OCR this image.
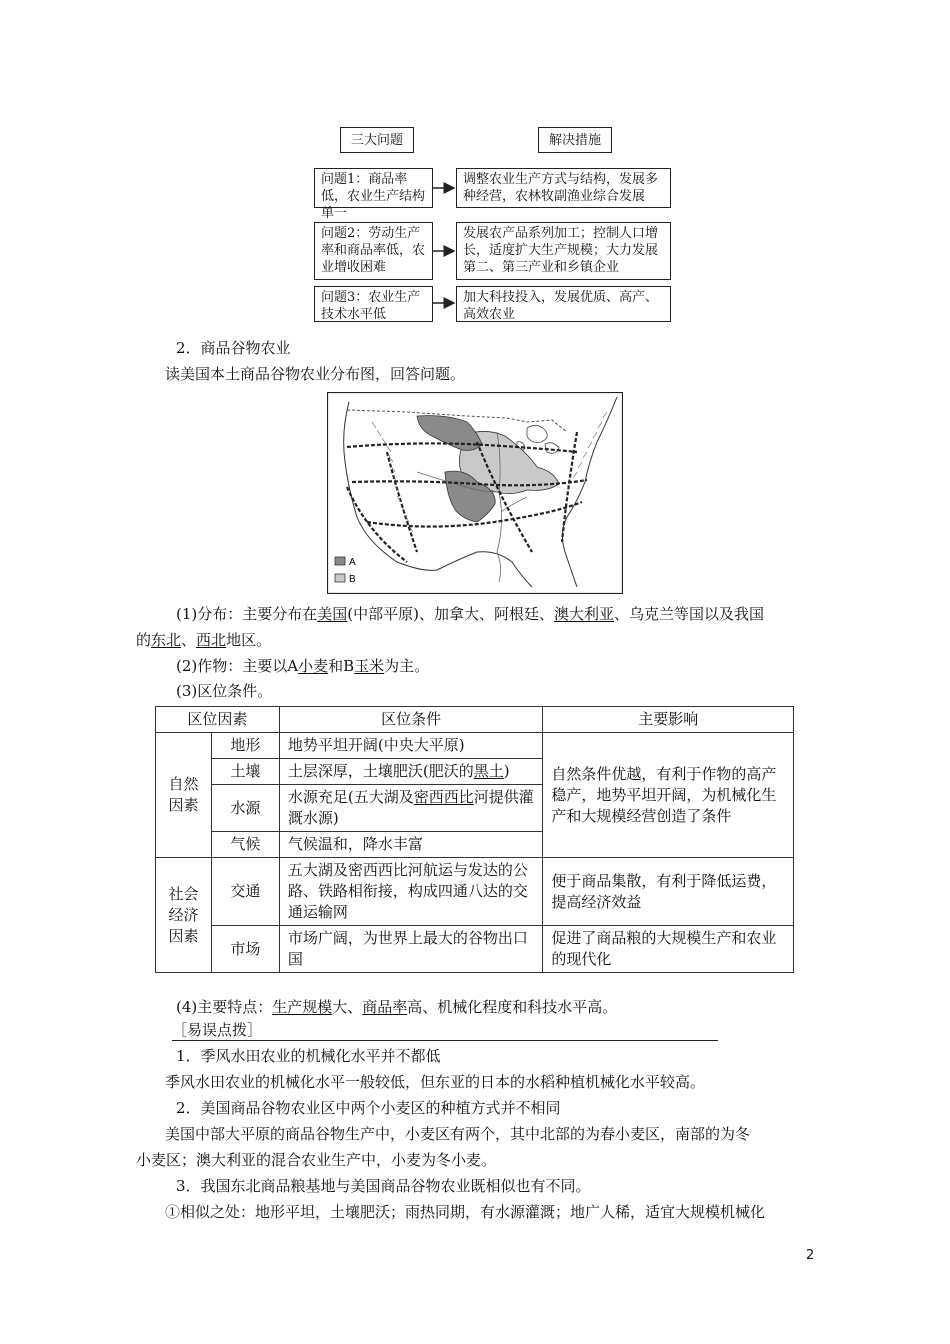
三大问题	解决措施
问题1：商品率低，农业生产结构单一
调整农业生产方式与结构，发展多种经营，农林牧副渔业综合发展
问题2：劳动生产率和商品率低，农业增收困难
发展农产品系列加工；控制人口增长，适度扩大生产规模；大力发展第二、第三产业和乡镇企业
问题3：农业生产技术水平低
加大科技投入，发展优质、高产、高效农业
2．商品谷物农业
读美国本土商品谷物农业分布图，回答问题。
A
B
(1)分布：主要分布在美国(中部平原)、加拿大、阿根廷、澳大利亚、乌克兰等国以及我国
的东北、西北地区。
(2)作物：主要以A小麦和B玉米为主。
(3)区位条件。
区位因素		区位条件	主要影响
自然因素	地形	地势平坦开阔(中央大平原)	自然条件优越，有利于作物的高产稳产，地势平坦开阔，为机械化生产和大规模经营创造了条件
	土壤	土层深厚，土壤肥沃(肥沃的黑土)	
	水源	水源充足(五大湖及密西西比河提供灌溉水源)	
	气候	气候温和，降水丰富	
社会经济因素	交通	五大湖及密西西比河航运与发达的公路、铁路相衔接，构成四通八达的交通运输网	便于商品集散，有利于降低运费，提高经济效益
	市场	市场广阔，为世界上最大的谷物出口国	促进了商品粮的大规模生产和农业的现代化
(4)主要特点：生产规模大、商品率高、机械化程度和科技水平高。
［易误点拨］
1．季风水田农业的机械化水平并不都低
季风水田农业的机械化水平一般较低，但东亚的日本的水稻种植机械化水平较高。
2．美国商品谷物农业区中两个小麦区的种植方式并不相同
美国中部大平原的商品谷物生产中，小麦区有两个，其中北部的为春小麦区，南部的为冬
小麦区；澳大利亚的混合农业生产中，小麦为冬小麦。
3．我国东北商品粮基地与美国商品谷物农业既相似也有不同。
①相似之处：地形平坦，土壤肥沃；雨热同期，有水源灌溉；地广人稀，适宜大规模机械化
2
